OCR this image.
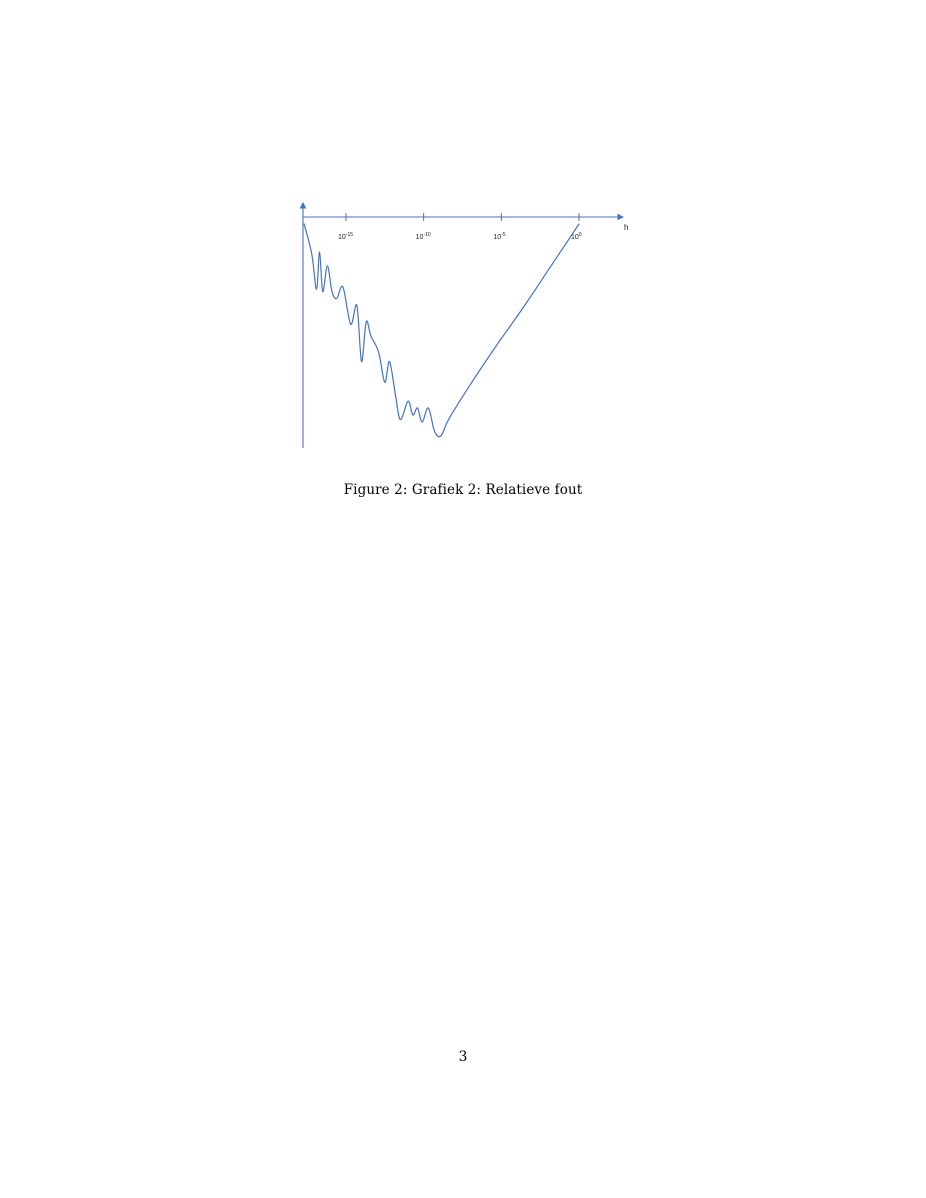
h
$10^{-15}$	$10^{-10}$	$10^{-5}$	$10^0$
Figure 2: Grafiek 2: Relatieve fout
3
